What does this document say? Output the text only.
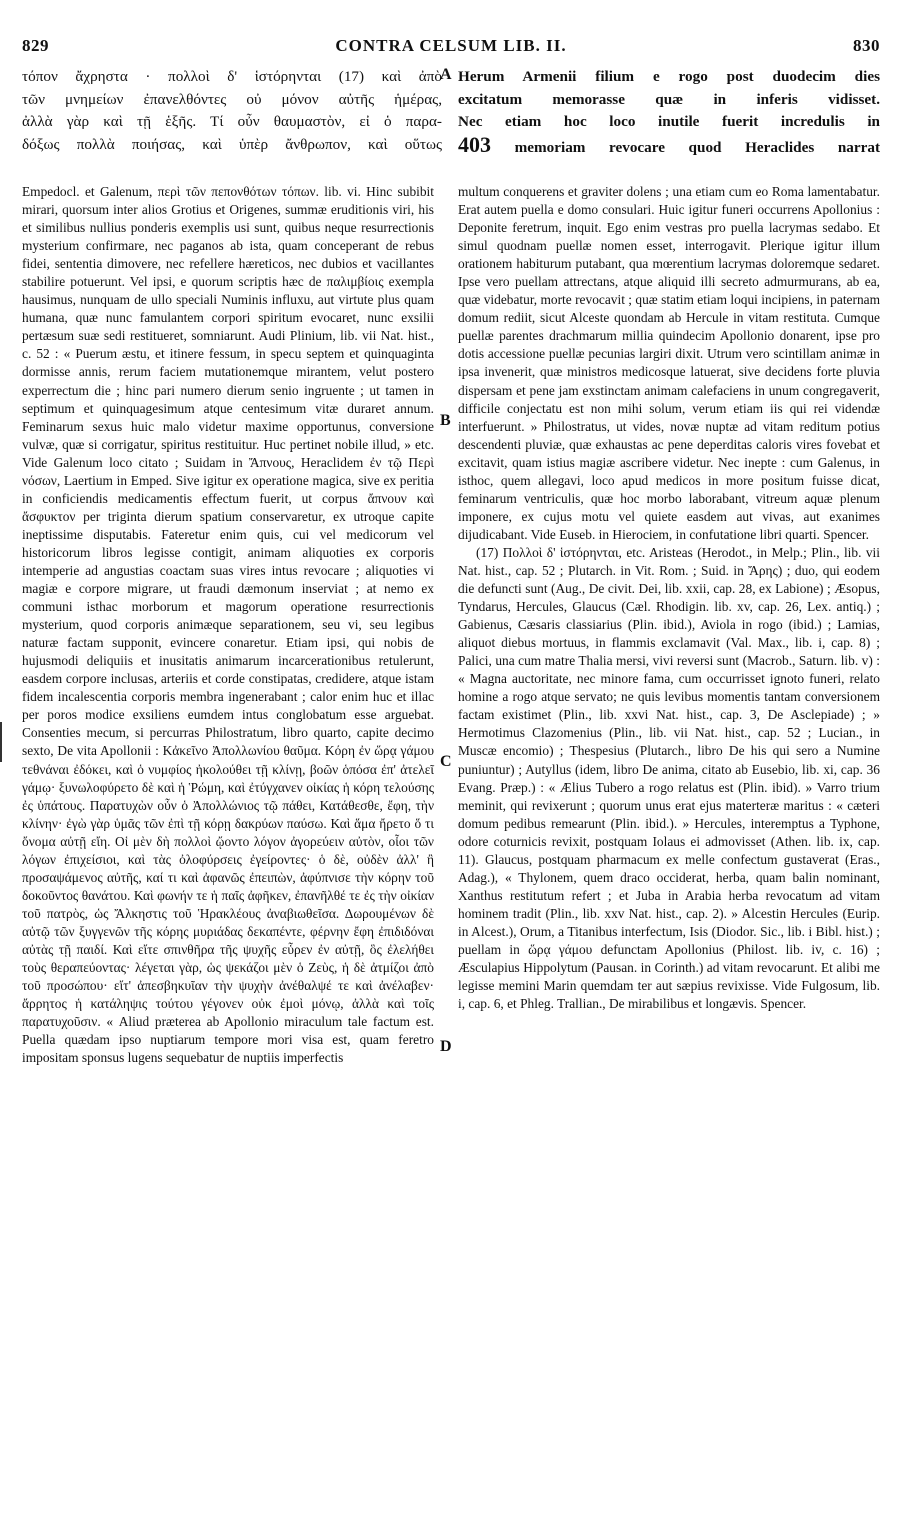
829	CONTRA CELSUM LIB. II.	830
τόπον ἄχρηστα · πολλοὶ δ' ἱστόρηνται (17) καὶ ἀπὸ
τῶν μνημείων ἐπανελθόντες οὐ μόνον αὐτῆς ἡμέρας,
ἀλλὰ γὰρ καὶ τῇ ἑξῆς. Τί οὖν θαυμαστὸν, εἰ ὁ παρα-
δόξως πολλὰ ποιήσας, καὶ ὑπὲρ ἄνθρωπον, καὶ οὕτως
A Herum Armenii filium e rogo post duodecim dies
excitatum memorasse quæ in inferis vidisset.
Nec etiam hoc loco inutile fuerit incredulis in
403 memoriam revocare quod Heraclides narrat

Empedocl. et Galenum, περὶ τῶν πεπονθότων τόπων. lib. vi. Hinc subibit mirari, quorsum inter alios Grotius et Origenes, summæ eruditionis viri, his et similibus nullius ponderis exemplis usi sunt, quibus neque resurrectionis mysterium confirmare, nec paganos ab ista, quam conceperant de rebus fidei, sententia dimovere, nec refellere hæreticos, nec dubios et vacillantes stabilire potuerunt. Vel ipsi, e quorum scriptis hæc de παλιμβίοις exempla hausimus, nunquam de ullo speciali Numinis influxu, aut virtute plus quam humana, quæ nunc famulantem corpori spiritum evocaret, nunc exsilii pertæsum suæ sedi restitueret, somniarunt. Audi Plinium, lib. vii Nat. hist., c. 52 : « Puerum æstu, et itinere fessum, in specu septem et quinquaginta dormisse annis, rerum faciem mutationemque mirantem, velut postero experrectum die ; hinc pari numero dierum senio ingruente ; ut tamen in septimum et quinquagesimum atque centesimum vitæ duraret annum. Feminarum sexus huic malo videtur maxime opportunus, conversione vulvæ, quæ si corrigatur, spiritus restituitur. Huc pertinet nobile illud, » etc. Vide Galenum loco citato ; Suidam in Ἄπνους, Heraclidem ἐν τῷ Περὶ νόσων, Laertium in Emped. Sive igitur ex operatione magica, sive ex peritia in conficiendis medicamentis effectum fuerit, ut corpus ἄπνουν καὶ ἄσφυκτον per triginta dierum spatium conservaretur, ex utroque capite ineptissime disputabis. Fateretur enim quis, cui vel medicorum vel historicorum libros legisse contigit, animam aliquoties ex corporis intemperie ad angustias coactam suas vires intus revocare ; aliquoties vi magiæ e corpore migrare, ut fraudi dæmonum inserviat ; at nemo ex communi isthac morborum et magorum operatione resurrectionis mysterium, quod corporis animæque separationem, seu vi, seu legibus naturæ factam supponit, evincere conaretur. Etiam ipsi, qui nobis de hujusmodi deliquiis et inusitatis animarum incarcerationibus retulerunt, easdem corpore inclusas, arteriis et corde constipatas, credidere, atque istam fidem incalescentia corporis membra ingenerabant ; calor enim huc et illac per poros modice exsiliens eumdem intus conglobatum esse arguebat. Consenties mecum, si percurras Philostratum, libro quarto, capite decimo sexto, De vita Apollonii : Κἀκεῖνο Ἀπολλωνίου θαῦμα. Κόρη ἐν ὥρᾳ γάμου τεθνάναι ἐδόκει, καὶ ὁ νυμφίος ἠκολούθει τῇ κλίνῃ, βοῶν ὁπόσα ἐπ' ἀτελεῖ γάμῳ· ξυνωλοφύρετο δὲ καὶ ἡ Ῥώμη, καὶ ἐτύγχανεν οἰκίας ἡ κόρη τελούσης ἐς ὑπάτους. Παρατυχὼν οὖν ὁ Ἀπολλώνιος τῷ πάθει, Κατάθεσθε, ἔφη, τὴν κλίνην· ἐγὼ γὰρ ὑμᾶς τῶν ἐπὶ τῇ κόρῃ δακρύων παύσω. Καὶ ἅμα ἤρετο ὅ τι ὄνομα αὐτῇ εἴη. Οἱ μὲν δὴ πολλοὶ ᾤοντο λόγον ἀγορεύειν αὐτὸν, οἷοι τῶν λόγων ἐπιχείσιοι, καὶ τὰς ὀλοφύρσεις ἐγείροντες· ὁ δὲ, οὐδὲν ἀλλ' ἢ προσαψάμενος αὐτῆς, καί τι καὶ ἀφανῶς ἐπειπὼν, ἀφύπνισε τὴν κόρην τοῦ δοκοῦντος θανάτου. Καὶ φωνήν τε ἡ παῖς ἀφῆκεν, ἐπανῆλθέ τε ἐς τὴν οἰκίαν τοῦ πατρὸς, ὡς Ἄλκηστις τοῦ Ἡρακλέους ἀναβιωθεῖσα. Δωρουμένων δὲ αὐτῷ τῶν ξυγγενῶν τῆς κόρης μυριάδας δεκαπέντε, φέρνην ἔφη ἐπιδιδόναι αὐτὰς τῇ παιδί. Καὶ εἴτε σπινθῆρα τῆς ψυχῆς εὗρεν ἐν αὐτῇ, ὃς ἐλελήθει τοὺς θεραπεύοντας· λέγεται γὰρ, ὡς ψεκάζοι μὲν ὁ Ζεὺς, ἡ δὲ ἀτμίζοι ἀπὸ τοῦ προσώπου· εἴτ' ἀπεσβηκυῖαν τὴν ψυχὴν ἀνέθαλψέ τε καὶ ἀνέλαβεν· ἄρρητος ἡ κατάληψις τούτου γέγονεν οὐκ ἐμοὶ μόνῳ, ἀλλὰ καὶ τοῖς παρατυχοῦσιν. « Aliud præterea ab Apollonio miraculum tale factum est. Puella quædam ipso nuptiarum tempore mori visa est, quam feretro impositam sponsus lugens sequebatur de nuptiis imperfectis

B
C
D

multum conquerens et graviter dolens ; una etiam cum eo Roma lamentabatur. Erat autem puella e domo consulari. Huic igitur funeri occurrens Apollonius : Deponite feretrum, inquit. Ego enim vestras pro puella lacrymas sedabo. Et simul quodnam puellæ nomen esset, interrogavit. Plerique igitur illum orationem habiturum putabant, qua mœrentium lacrymas doloremque sedaret. Ipse vero puellam attrectans, atque aliquid illi secreto admurmurans, ab ea, quæ videbatur, morte revocavit ; quæ statim etiam loqui incipiens, in paternam domum rediit, sicut Alceste quondam ab Hercule in vitam restituta. Cumque puellæ parentes drachmarum millia quindecim Apollonio donarent, ipse pro dotis accessione puellæ pecunias largiri dixit. Utrum vero scintillam animæ in ipsa invenerit, quæ ministros medicosque latuerat, sive decidens forte pluvia dispersam et pene jam exstinctam animam calefaciens in unum congregaverit, difficile conjectatu est non mihi solum, verum etiam iis qui rei videndæ interfuerunt. » Philostratus, ut vides, novæ nuptæ ad vitam reditum potius descendenti pluviæ, quæ exhaustas ac pene deperditas caloris vires fovebat et excitavit, quam istius magiæ ascribere videtur. Nec inepte : cum Galenus, in isthoc, quem allegavi, loco apud medicos in more positum fuisse dicat, feminarum ventriculis, quæ hoc morbo laborabant, vitreum aquæ plenum imponere, ex cujus motu vel quiete easdem aut vivas, aut exanimes dijudicabant. Vide Euseb. in Hierociem, in confutatione libri quarti. Spencer.

(17) Πολλοὶ δ' ἱστόρηνται, etc. Aristeas (Herodot., in Melp.; Plin., lib. vii Nat. hist., cap. 52 ; Plutarch. in Vit. Rom. ; Suid. in Ἄρης) ; duo, qui eodem die defuncti sunt (Aug., De civit. Dei, lib. xxii, cap. 28, ex Labione) ; Æsopus, Tyndarus, Hercules, Glaucus (Cæl. Rhodigin. lib. xv, cap. 26, Lex. antiq.) ; Gabienus, Cæsaris classiarius (Plin. ibid.), Aviola in rogo (ibid.) ; Lamias, aliquot diebus mortuus, in flammis exclamavit (Val. Max., lib. i, cap. 8) ; Palici, una cum matre Thalia mersi, vivi reversi sunt (Macrob., Saturn. lib. v) : « Magna auctoritate, nec minore fama, cum occurrisset ignoto funeri, relato homine a rogo atque servato; ne quis levibus momentis tantam conversionem factam existimet (Plin., lib. xxvi Nat. hist., cap. 3, De Asclepiade) ; » Hermotimus Clazomenius (Plin., lib. vii Nat. hist., cap. 52 ; Lucian., in Muscæ encomio) ; Thespesius (Plutarch., libro De his qui sero a Numine puniuntur) ; Autyllus (idem, libro De anima, citato ab Eusebio, lib. xi, cap. 36 Evang. Præp.) : « Ælius Tubero a rogo relatus est (Plin. ibid). » Varro trium meminit, qui revixerunt ; quorum unus erat ejus materteræ maritus : « cæteri domum pedibus remearunt (Plin. ibid.). » Hercules, interemptus a Typhone, odore coturnicis revixit, postquam Iolaus ei admovisset (Athen. lib. ix, cap. 11). Glaucus, postquam pharmacum ex melle confectum gustaverat (Eras., Adag.), « Thylonem, quem draco occiderat, herba, quam balin nominant, Xanthus restitutum refert ; et Juba in Arabia herba revocatum ad vitam hominem tradit (Plin., lib. xxv Nat. hist., cap. 2). » Alcestin Hercules (Eurip. in Alcest.), Orum, a Titanibus interfectum, Isis (Diodor. Sic., lib. i Bibl. hist.) ; puellam in ὥρᾳ γάμου defunctam Apollonius (Philost. lib. iv, c. 16) ; Æsculapius Hippolytum (Pausan. in Corinth.) ad vitam revocarunt. Et alibi me legisse memini Marin quemdam ter aut sæpius revixisse. Vide Fulgosum, lib. i, cap. 6, et Phleg. Trallian., De mirabilibus et longævis. Spencer.
